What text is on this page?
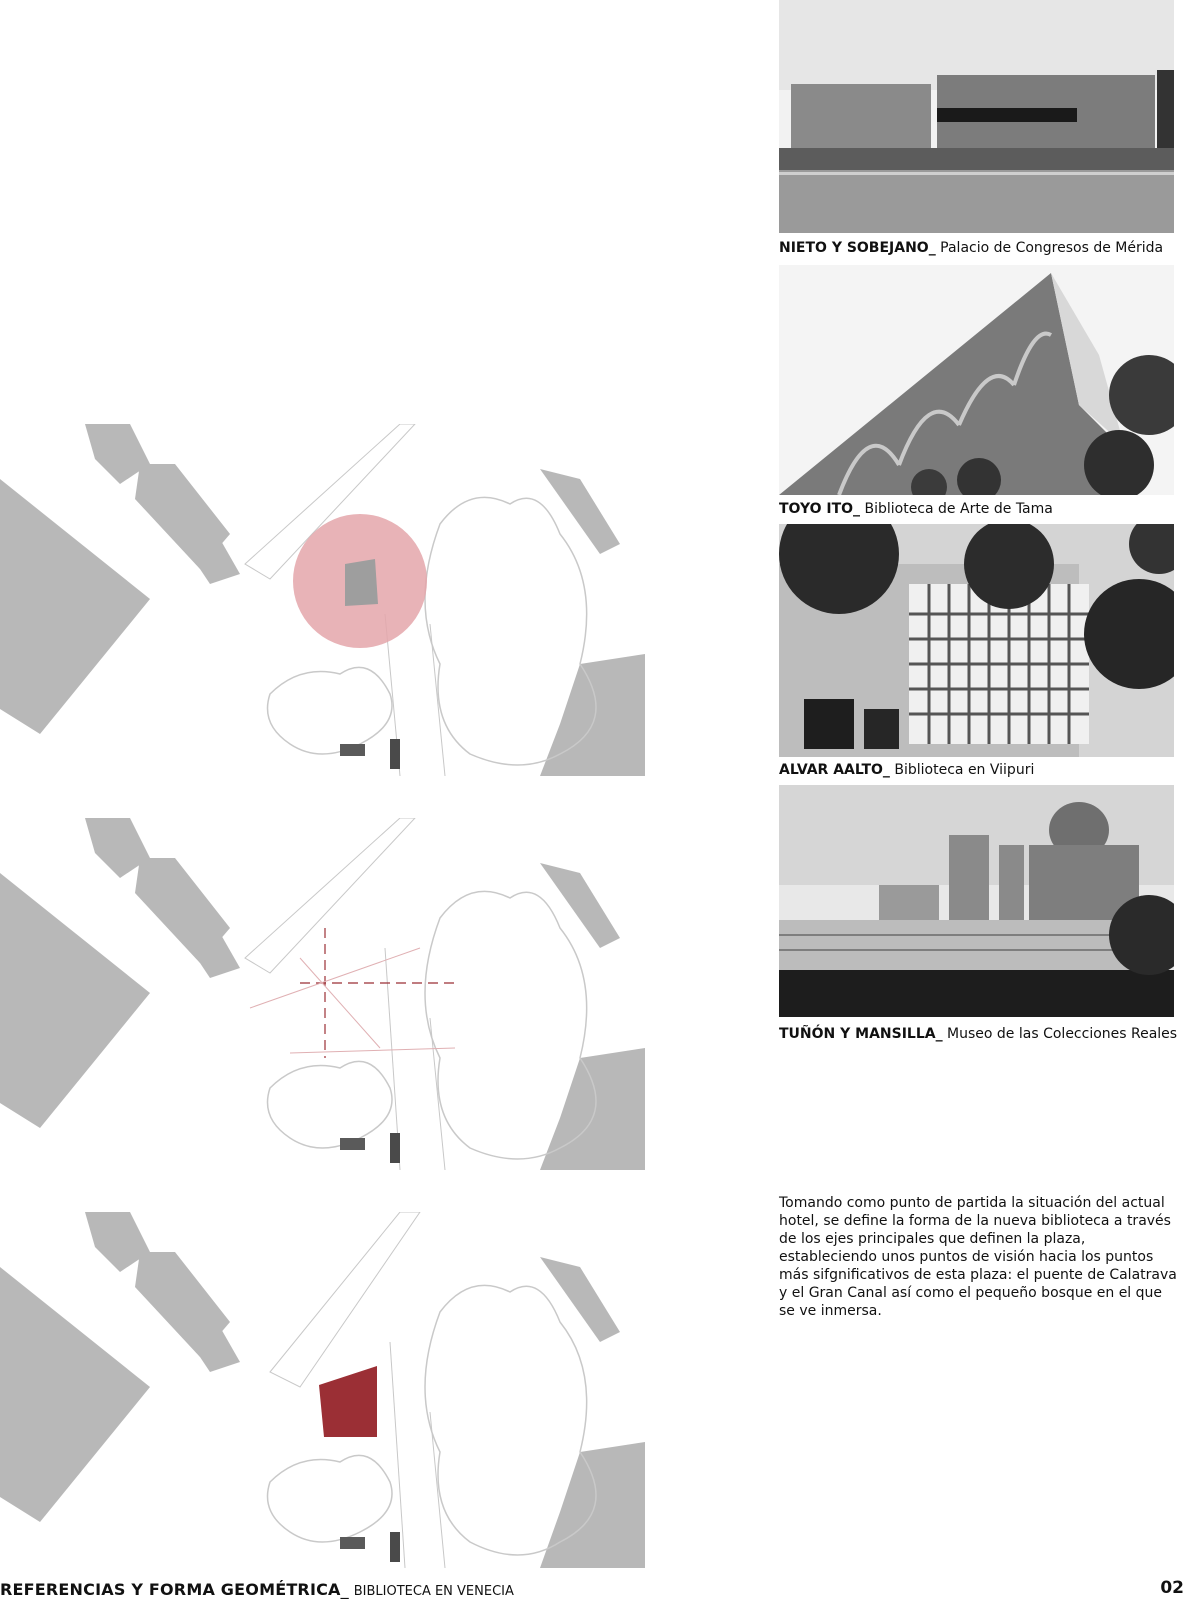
NIETO Y SOBEJANO_ Palacio de Congresos de Mérida
TOYO ITO_ Biblioteca de Arte de Tama
ALVAR AALTO_ Biblioteca en Viipuri
TUÑÓN Y MANSILLA_ Museo de las Colecciones Reales
Tomando como punto de partida la situación del actual hotel, se define la forma de la nueva biblioteca a través de los ejes principales que definen la plaza, estableciendo unos puntos de visión hacia los puntos más sifgnificativos de esta plaza: el puente de Calatrava y el Gran Canal así como el pequeño bosque en el que se ve inmersa.
REFERENCIAS Y FORMA GEOMÉTRICA_ BIBLIOTECA EN VENECIA	02
